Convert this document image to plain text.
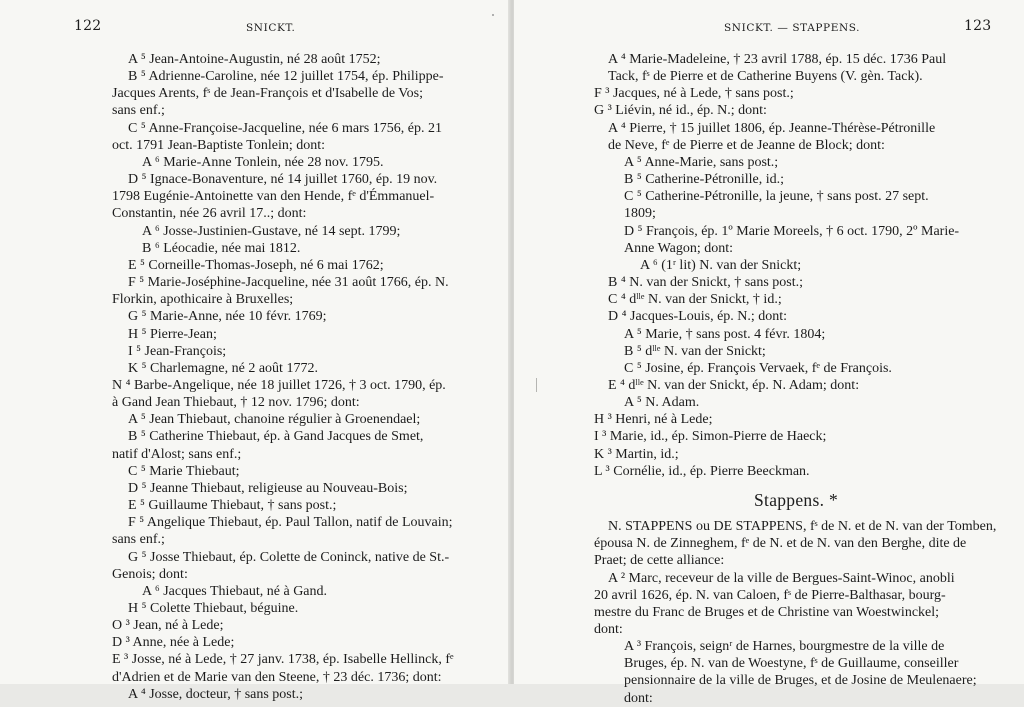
122	SNICKT.
A ⁵ Jean-Antoine-Augustin, né 28 août 1752;
B ⁵ Adrienne-Caroline, née 12 juillet 1754, ép. Philippe-
Jacques Arents, fˢ de Jean-François et d'Isabelle de Vos;
sans enf.;
C ⁵ Anne-Françoise-Jacqueline, née 6 mars 1756, ép. 21
oct. 1791 Jean-Baptiste Tonlein; dont:
A ⁶ Marie-Anne Tonlein, née 28 nov. 1795.
D ⁵ Ignace-Bonaventure, né 14 juillet 1760, ép. 19 nov.
1798 Eugénie-Antoinette van den Hende, fᵉ d'Émmanuel-
Constantin, née 26 avril 17..; dont:
A ⁶ Josse-Justinien-Gustave, né 14 sept. 1799;
B ⁶ Léocadie, née mai 1812.
E ⁵ Corneille-Thomas-Joseph, né 6 mai 1762;
F ⁵ Marie-Joséphine-Jacqueline, née 31 août 1766, ép. N.
Florkin, apothicaire à Bruxelles;
G ⁵ Marie-Anne, née 10 févr. 1769;
H ⁵ Pierre-Jean;
I ⁵ Jean-François;
K ⁵ Charlemagne, né 2 août 1772.
N ⁴ Barbe-Angelique, née 18 juillet 1726, † 3 oct. 1790, ép.
à Gand Jean Thiebaut, † 12 nov. 1796; dont:
A ⁵ Jean Thiebaut, chanoine régulier à Groenendael;
B ⁵ Catherine Thiebaut, ép. à Gand Jacques de Smet,
natif d'Alost; sans enf.;
C ⁵ Marie Thiebaut;
D ⁵ Jeanne Thiebaut, religieuse au Nouveau-Bois;
E ⁵ Guillaume Thiebaut, † sans post.;
F ⁵ Angelique Thiebaut, ép. Paul Tallon, natif de Louvain;
sans enf.;
G ⁵ Josse Thiebaut, ép. Colette de Coninck, native de St.-
Genois; dont:
A ⁶ Jacques Thiebaut, né à Gand.
H ⁵ Colette Thiebaut, béguine.
O ³ Jean, né à Lede;
D ³ Anne, née à Lede;
E ³ Josse, né à Lede, † 27 janv. 1738, ép. Isabelle Hellinck, fᵉ
d'Adrien et de Marie van den Steene, † 23 déc. 1736; dont:
A ⁴ Josse, docteur, † sans post.;
SNICKT. — STAPPENS.	123
A ⁴ Marie-Madeleine, † 23 avril 1788, ép. 15 déc. 1736 Paul
Tack, fˢ de Pierre et de Catherine Buyens (V. gèn. Tack).
F ³ Jacques, né à Lede, † sans post.;
G ³ Liévin, né id., ép. N.; dont:
A ⁴ Pierre, † 15 juillet 1806, ép. Jeanne-Thérèse-Pétronille
de Neve, fᵉ de Pierre et de Jeanne de Block; dont:
A ⁵ Anne-Marie, sans post.;
B ⁵ Catherine-Pétronille, id.;
C ⁵ Catherine-Pétronille, la jeune, † sans post. 27 sept.
1809;
D ⁵ François, ép. 1º Marie Moreels, † 6 oct. 1790, 2º Marie-
Anne Wagon; dont:
A ⁶ (1ʳ lit) N. van der Snickt;
B ⁴ N. van der Snickt, † sans post.;
C ⁴ dˡˡᵉ N. van der Snickt, † id.;
D ⁴ Jacques-Louis, ép. N.; dont:
A ⁵ Marie, † sans post. 4 févr. 1804;
B ⁵ dˡˡᵉ N. van der Snickt;
C ⁵ Josine, ép. François Vervaek, fᵉ de François.
E ⁴ dˡˡᵉ N. van der Snickt, ép. N. Adam; dont:
A ⁵ N. Adam.
H ³ Henri, né à Lede;
I ³ Marie, id., ép. Simon-Pierre de Haeck;
K ³ Martin, id.;
L ³ Cornélie, id., ép. Pierre Beeckman.
Stappens. *
N. STAPPENS ou DE STAPPENS, fˢ de N. et de N. van der Tomben,
épousa N. de Zinneghem, fᵉ de N. et de N. van den Berghe, dite de
Praet; de cette alliance:
A ² Marc, receveur de la ville de Bergues-Saint-Winoc, anobli
20 avril 1626, ép. N. van Caloen, fˢ de Pierre-Balthasar, bourg-
mestre du Franc de Bruges et de Christine van Woestwinckel;
dont:
A ³ François, seignʳ de Harnes, bourgmestre de la ville de
Bruges, ép. N. van de Woestyne, fˢ de Guillaume, conseiller
pensionnaire de la ville de Bruges, et de Josine de Meulenaere;
dont:
